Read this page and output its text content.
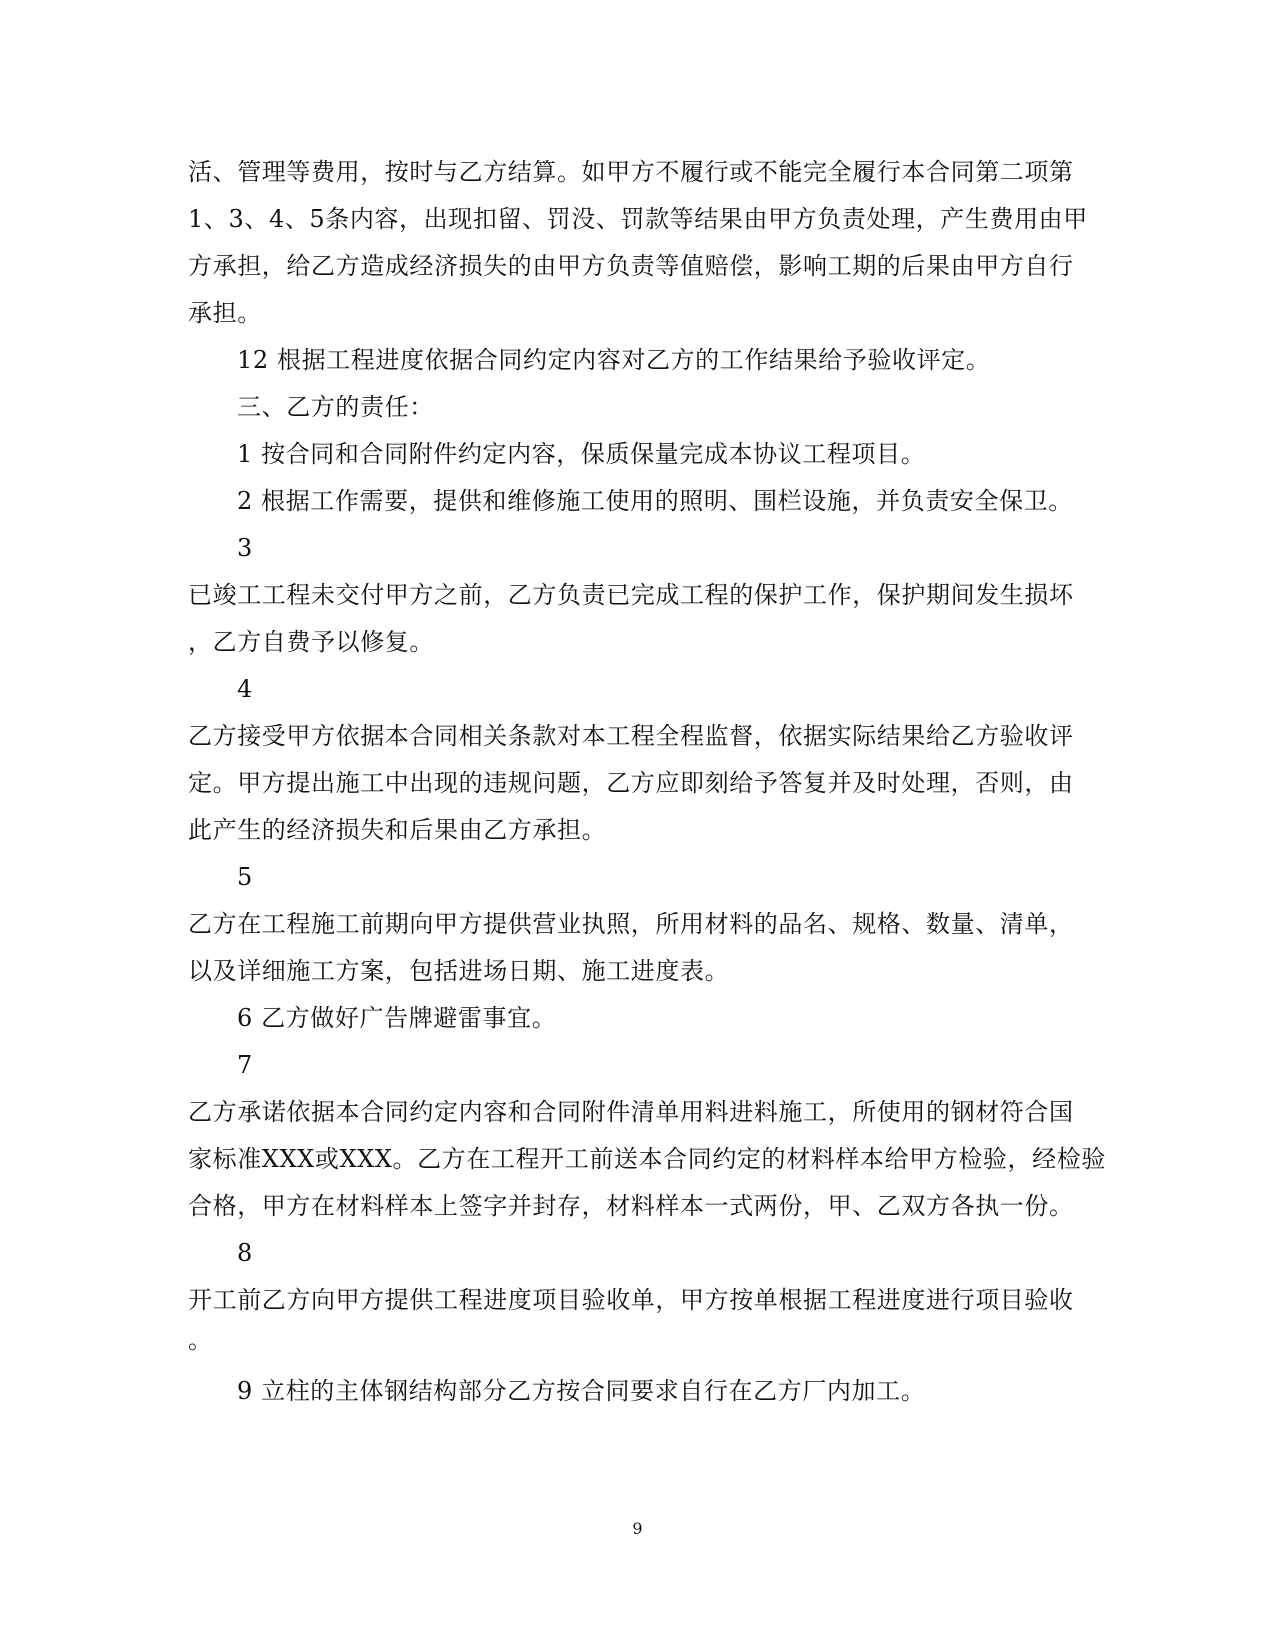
活、管理等费用，按时与乙方结算。如甲方不履行或不能完全履行本合同第二项第
1、3、4、5条内容，出现扣留、罚没、罚款等结果由甲方负责处理，产生费用由甲
方承担，给乙方造成经济损失的由甲方负责等值赔偿，影响工期的后果由甲方自行
承担。
12 根据工程进度依据合同约定内容对乙方的工作结果给予验收评定。
三、乙方的责任：
1 按合同和合同附件约定内容，保质保量完成本协议工程项目。
2 根据工作需要，提供和维修施工使用的照明、围栏设施，并负责安全保卫。
3
已竣工工程未交付甲方之前，乙方负责已完成工程的保护工作，保护期间发生损坏
，乙方自费予以修复。
4
乙方接受甲方依据本合同相关条款对本工程全程监督，依据实际结果给乙方验收评
定。甲方提出施工中出现的违规问题，乙方应即刻给予答复并及时处理，否则，由
此产生的经济损失和后果由乙方承担。
5
乙方在工程施工前期向甲方提供营业执照，所用材料的品名、规格、数量、清单，
以及详细施工方案，包括进场日期、施工进度表。
6 乙方做好广告牌避雷事宜。
7
乙方承诺依据本合同约定内容和合同附件清单用料进料施工，所使用的钢材符合国
家标准XXX或XXX。乙方在工程开工前送本合同约定的材料样本给甲方检验，经检验
合格，甲方在材料样本上签字并封存，材料样本一式两份，甲、乙双方各执一份。
8
开工前乙方向甲方提供工程进度项目验收单，甲方按单根据工程进度进行项目验收
。
9 立柱的主体钢结构部分乙方按合同要求自行在乙方厂内加工。
9
